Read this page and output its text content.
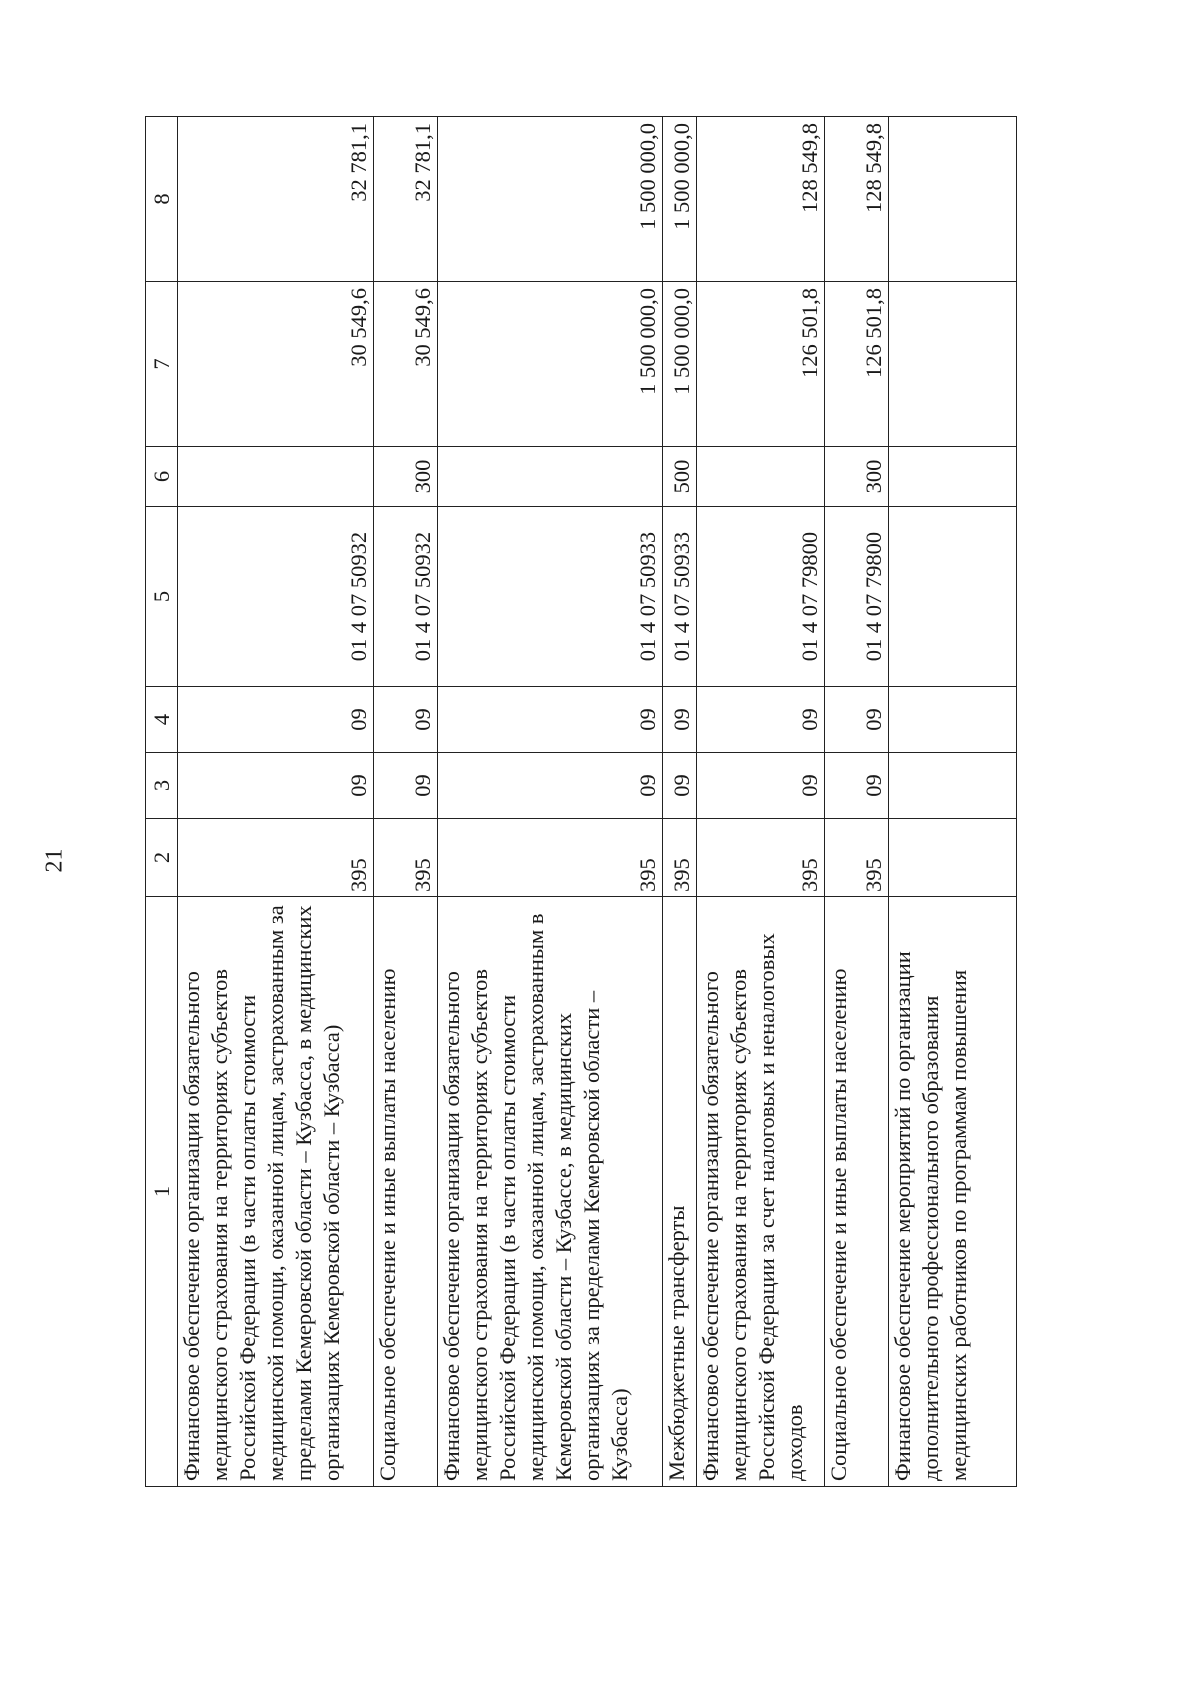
21
1	2	3	4	5	6	7	8
Финансовое обеспечение организации обязательного медицинского страхования на территориях субъектов Российской Федерации (в части оплаты стоимости медицинской помощи, оказанной лицам, застрахованным за пределами Кемеровской области – Кузбасса, в медицинских организациях Кемеровской области – Кузбасса)	395	09	09	01 4 07 50932		30 549,6	32 781,1
Социальное обеспечение и иные выплаты населению	395	09	09	01 4 07 50932	300	30 549,6	32 781,1
Финансовое обеспечение организации обязательного медицинского страхования на территориях субъектов Российской Федерации (в части оплаты стоимости медицинской помощи, оказанной лицам, застрахованным в Кемеровской области – Кузбассе, в медицинских организациях за пределами Кемеровской области – Кузбасса)	395	09	09	01 4 07 50933		1 500 000,0	1 500 000,0
Межбюджетные трансферты	395	09	09	01 4 07 50933	500	1 500 000,0	1 500 000,0
Финансовое обеспечение организации обязательного медицинского страхования на территориях субъектов Российской Федерации за счет налоговых и неналоговых доходов	395	09	09	01 4 07 79800		126 501,8	128 549,8
Социальное обеспечение и иные выплаты населению	395	09	09	01 4 07 79800	300	126 501,8	128 549,8
Финансовое обеспечение мероприятий по организации дополнительного профессионального образования медицинских работников по программам повышения							
